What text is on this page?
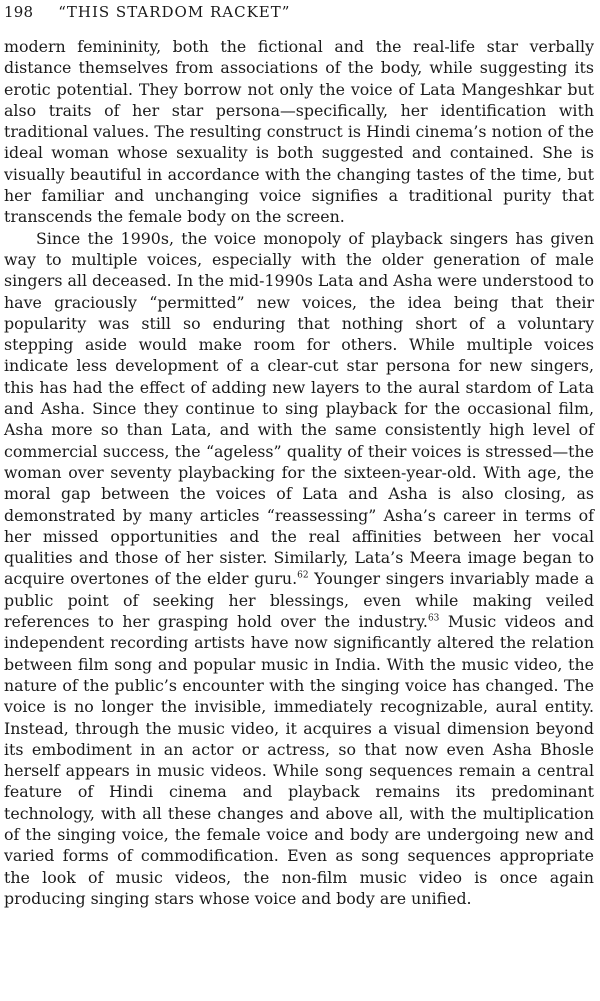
198 “THIS STARDOM RACKET”

modern femininity, both the fictional and the real-life star verbally distance themselves from associations of the body, while suggesting its erotic potential. They borrow not only the voice of Lata Mangeshkar but also traits of her star persona—specifically, her identification with traditional values. The resulting construct is Hindi cinema’s notion of the ideal woman whose sexuality is both suggested and contained. She is visually beautiful in accordance with the changing tastes of the time, but her familiar and unchanging voice signifies a traditional purity that transcends the female body on the screen.

Since the 1990s, the voice monopoly of playback singers has given way to multiple voices, especially with the older generation of male singers all deceased. In the mid-1990s Lata and Asha were understood to have graciously “permitted” new voices, the idea being that their popularity was still so enduring that nothing short of a voluntary stepping aside would make room for others. While multiple voices indicate less development of a clear-cut star persona for new singers, this has had the effect of adding new layers to the aural stardom of Lata and Asha. Since they continue to sing playback for the occasional film, Asha more so than Lata, and with the same consistently high level of commercial success, the “ageless” quality of their voices is stressed—the woman over seventy playbacking for the sixteen-year-old. With age, the moral gap between the voices of Lata and Asha is also closing, as demonstrated by many articles “reassessing” Asha’s career in terms of her missed opportunities and the real affinities between her vocal qualities and those of her sister. Similarly, Lata’s Meera image began to acquire overtones of the elder guru.$^{62}$ Younger singers invariably made a public point of seeking her blessings, even while making veiled references to her grasping hold over the industry.$^{63}$ Music videos and independent recording artists have now significantly altered the relation between film song and popular music in India. With the music video, the nature of the public’s encounter with the singing voice has changed. The voice is no longer the invisible, immediately recognizable, aural entity. Instead, through the music video, it acquires a visual dimension beyond its embodiment in an actor or actress, so that now even Asha Bhosle herself appears in music videos. While song sequences remain a central feature of Hindi cinema and playback remains its predominant technology, with all these changes and above all, with the multiplication of the singing voice, the female voice and body are undergoing new and varied forms of commodification. Even as song sequences appropriate the look of music videos, the non-film music video is once again producing singing stars whose voice and body are unified.
